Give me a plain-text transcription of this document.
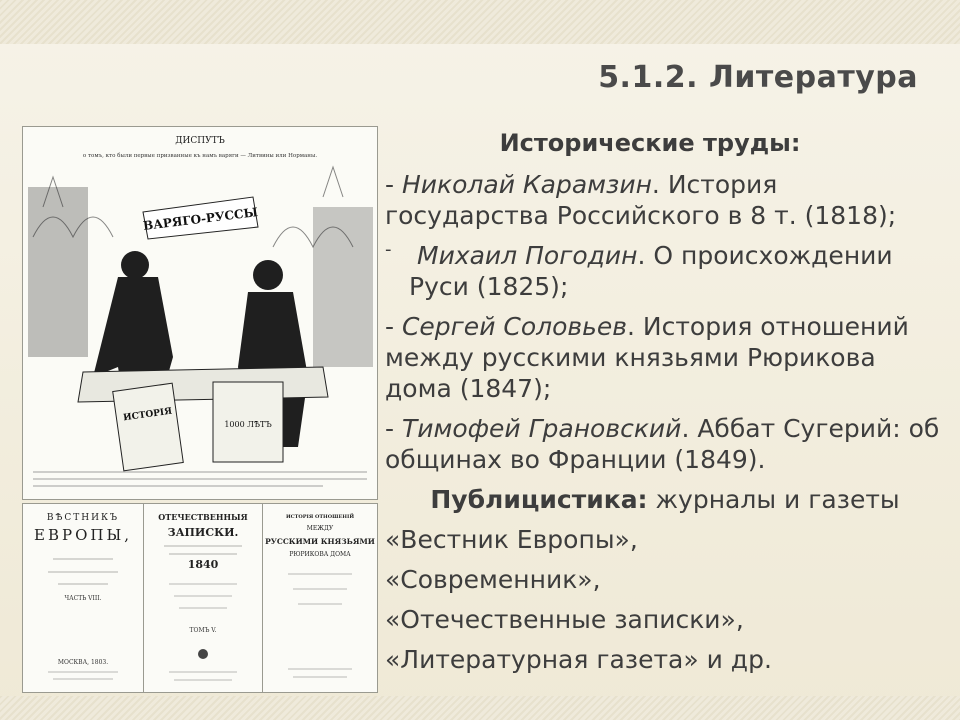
5.1.2. Литература
ДИСПУТЪ
о томъ, кто были первые призванные къ намъ варяги — Литвины или Норманы.
ВАРЯГО-РУССЫ
ИСТОРІЯ
1000 ЛѢТЪ
ВѢСТНИКЪ
ЕВРОПЫ,
ЧАСТЬ VIII.
МОСКВА, 1803.
ОТЕЧЕСТВЕННЫЯ
ЗАПИСКИ.
1840
ТОМЪ V.
ИСТОРІЯ ОТНОШЕНІЙ
МЕЖДУ
РУССКИМИ КНЯЗЬЯМИ
РЮРИКОВА ДОМА
Исторические труды:
- Николай Карамзин. История государства Российского в 8 т. (1818);
-	Михаил Погодин. О происхождении
Руси (1825);
- Сергей Соловьев. История отношений между русскими князьями Рюрикова дома (1847);
- Тимофей Грановский. Аббат Сугерий: об общинах во Франции (1849).
Публицистика: журналы и газеты
«Вестник Европы»,
«Современник»,
«Отечественные записки»,
«Литературная газета» и др.
